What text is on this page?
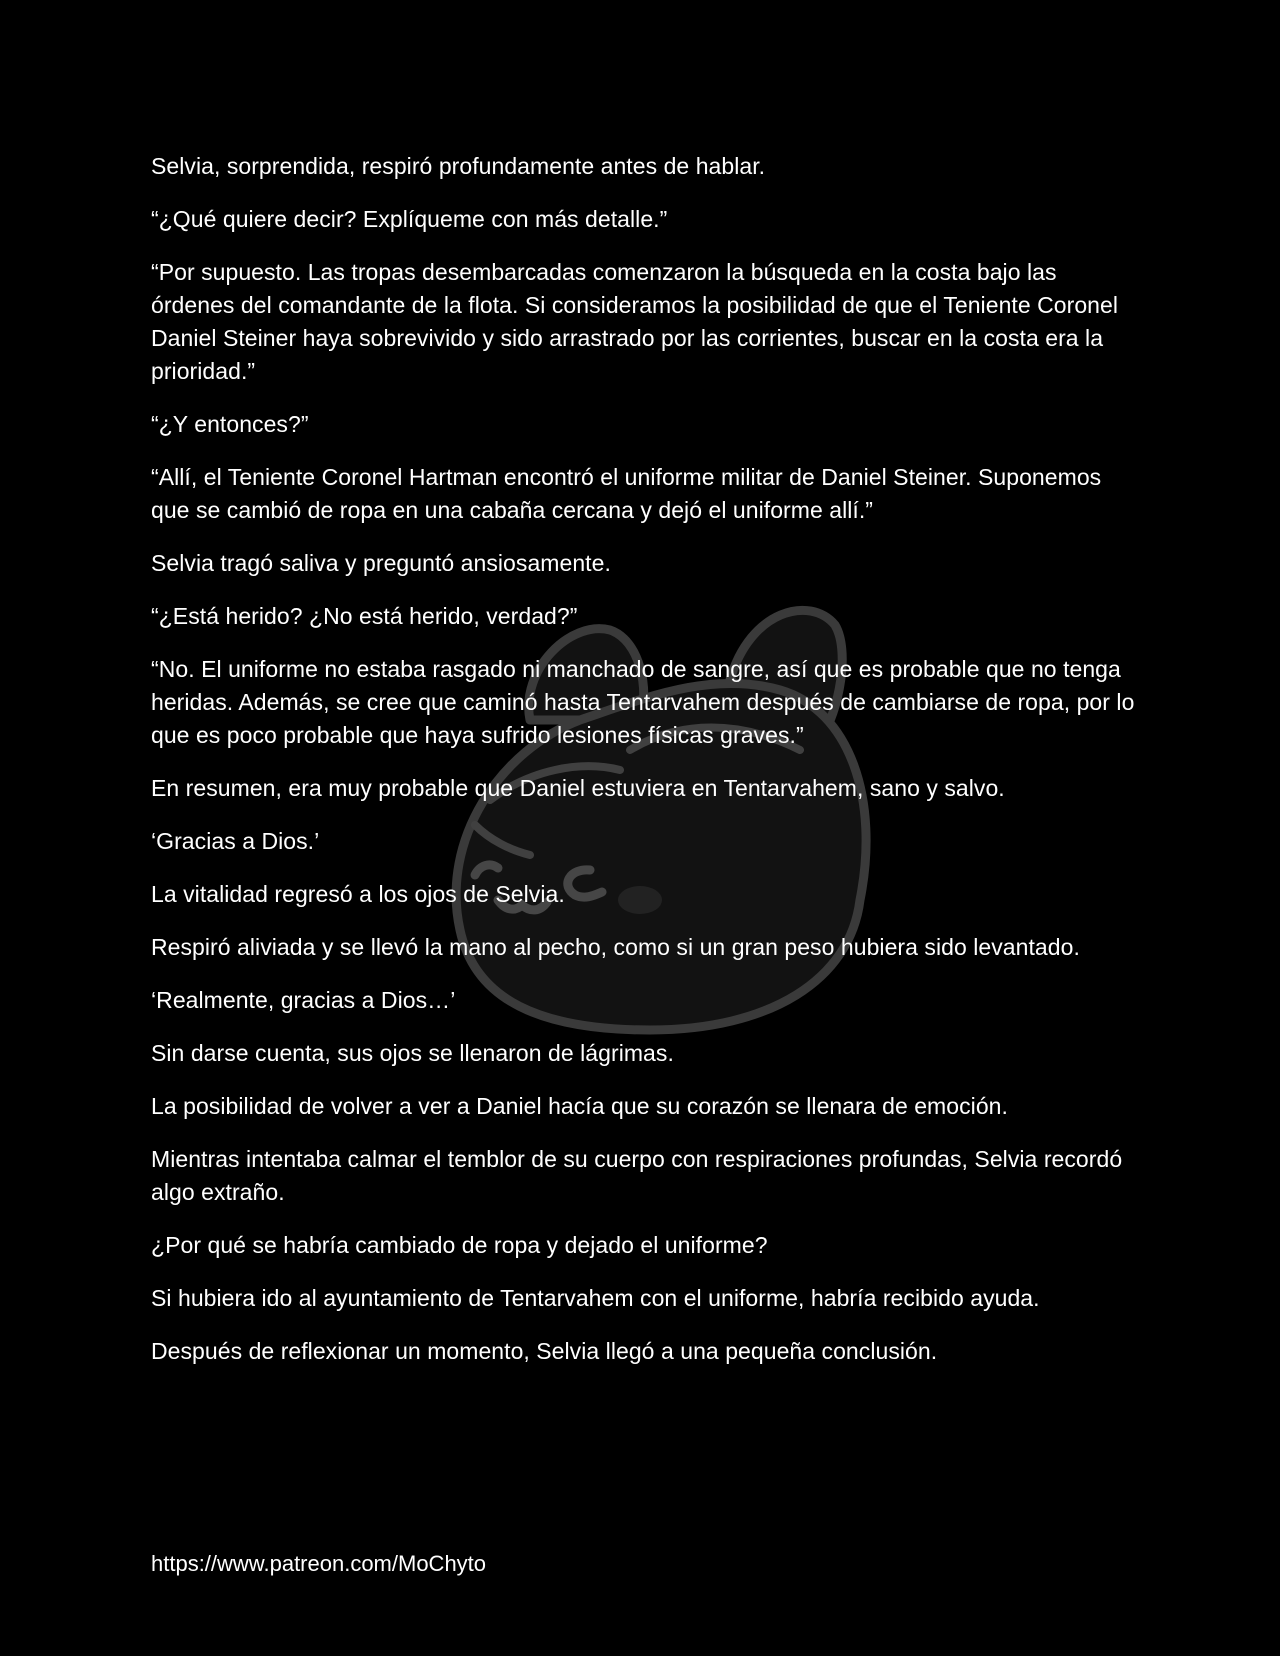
Selvia, sorprendida, respiró profundamente antes de hablar.

“¿Qué quiere decir? Explíqueme con más detalle.”

“Por supuesto. Las tropas desembarcadas comenzaron la búsqueda en la costa bajo las órdenes del comandante de la flota. Si consideramos la posibilidad de que el Teniente Coronel Daniel Steiner haya sobrevivido y sido arrastrado por las corrientes, buscar en la costa era la prioridad.”

“¿Y entonces?”

“Allí, el Teniente Coronel Hartman encontró el uniforme militar de Daniel Steiner. Suponemos que se cambió de ropa en una cabaña cercana y dejó el uniforme allí.”

Selvia tragó saliva y preguntó ansiosamente.

“¿Está herido? ¿No está herido, verdad?”

“No. El uniforme no estaba rasgado ni manchado de sangre, así que es probable que no tenga heridas. Además, se cree que caminó hasta Tentarvahem después de cambiarse de ropa, por lo que es poco probable que haya sufrido lesiones físicas graves.”

En resumen, era muy probable que Daniel estuviera en Tentarvahem, sano y salvo.

‘Gracias a Dios.’

La vitalidad regresó a los ojos de Selvia.

Respiró aliviada y se llevó la mano al pecho, como si un gran peso hubiera sido levantado.

‘Realmente, gracias a Dios…’

Sin darse cuenta, sus ojos se llenaron de lágrimas.

La posibilidad de volver a ver a Daniel hacía que su corazón se llenara de emoción.

Mientras intentaba calmar el temblor de su cuerpo con respiraciones profundas, Selvia recordó algo extraño.

¿Por qué se habría cambiado de ropa y dejado el uniforme?

Si hubiera ido al ayuntamiento de Tentarvahem con el uniforme, habría recibido ayuda.

Después de reflexionar un momento, Selvia llegó a una pequeña conclusión.

https://www.patreon.com/MoChyto
